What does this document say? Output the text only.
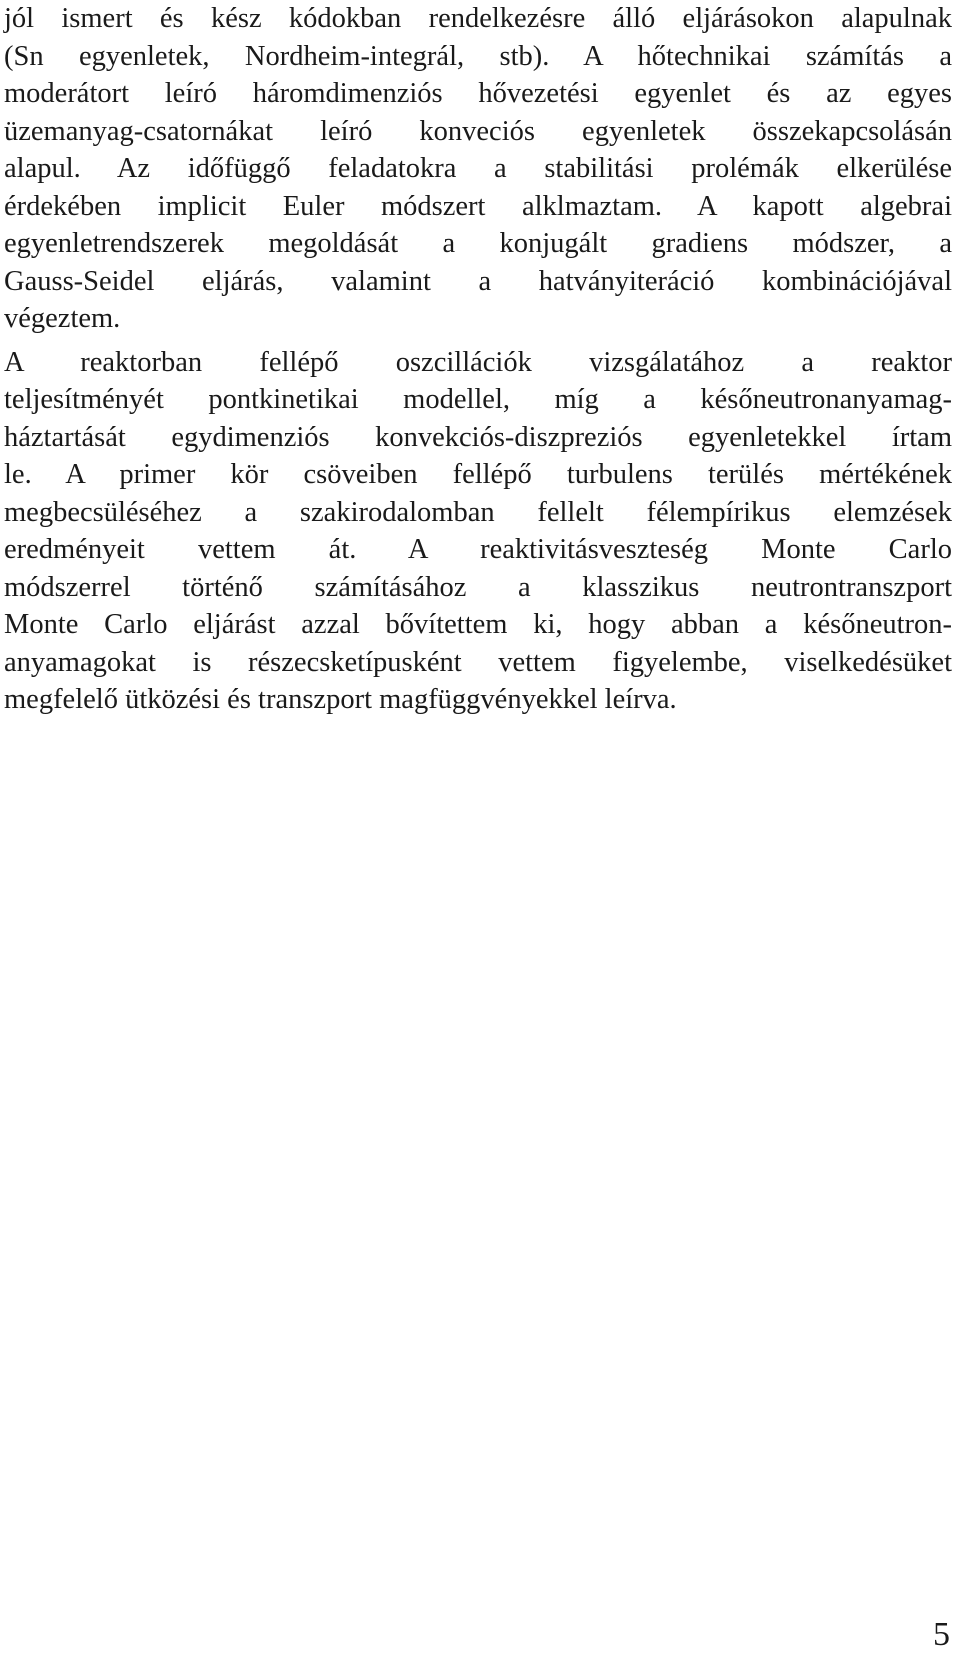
jól ismert és kész kódokban rendelkezésre álló eljárásokon alapulnak
(Sn egyenletek, Nordheim-integrál, stb). A hőtechnikai számítás a
moderátort leíró háromdimenziós hővezetési egyenlet és az egyes
üzemanyag-csatornákat leíró konveciós egyenletek összekapcsolásán
alapul. Az időfüggő feladatokra a stabilitási prolémák elkerülése
érdekében implicit Euler módszert alklmaztam. A kapott algebrai
egyenletrendszerek megoldását a konjugált gradiens módszer, a
Gauss-Seidel eljárás, valamint a hatványiteráció kombinációjával
végeztem.
A reaktorban fellépő oszcillációk vizsgálatához a reaktor
teljesítményét pontkinetikai modellel, míg a későneutronanyamag-
háztartását egydimenziós konvekciós-diszpreziós egyenletekkel írtam
le. A primer kör csöveiben fellépő turbulens terülés mértékének
megbecsüléséhez a szakirodalomban fellelt félempírikus elemzések
eredményeit vettem át. A reaktivitásveszteség Monte Carlo
módszerrel történő számításához a klasszikus neutrontranszport
Monte Carlo eljárást azzal bővítettem ki, hogy abban a későneutron-
anyamagokat is részecsketípusként vettem figyelembe, viselkedésüket
megfelelő ütközési és transzport magfüggvényekkel leírva.
5
